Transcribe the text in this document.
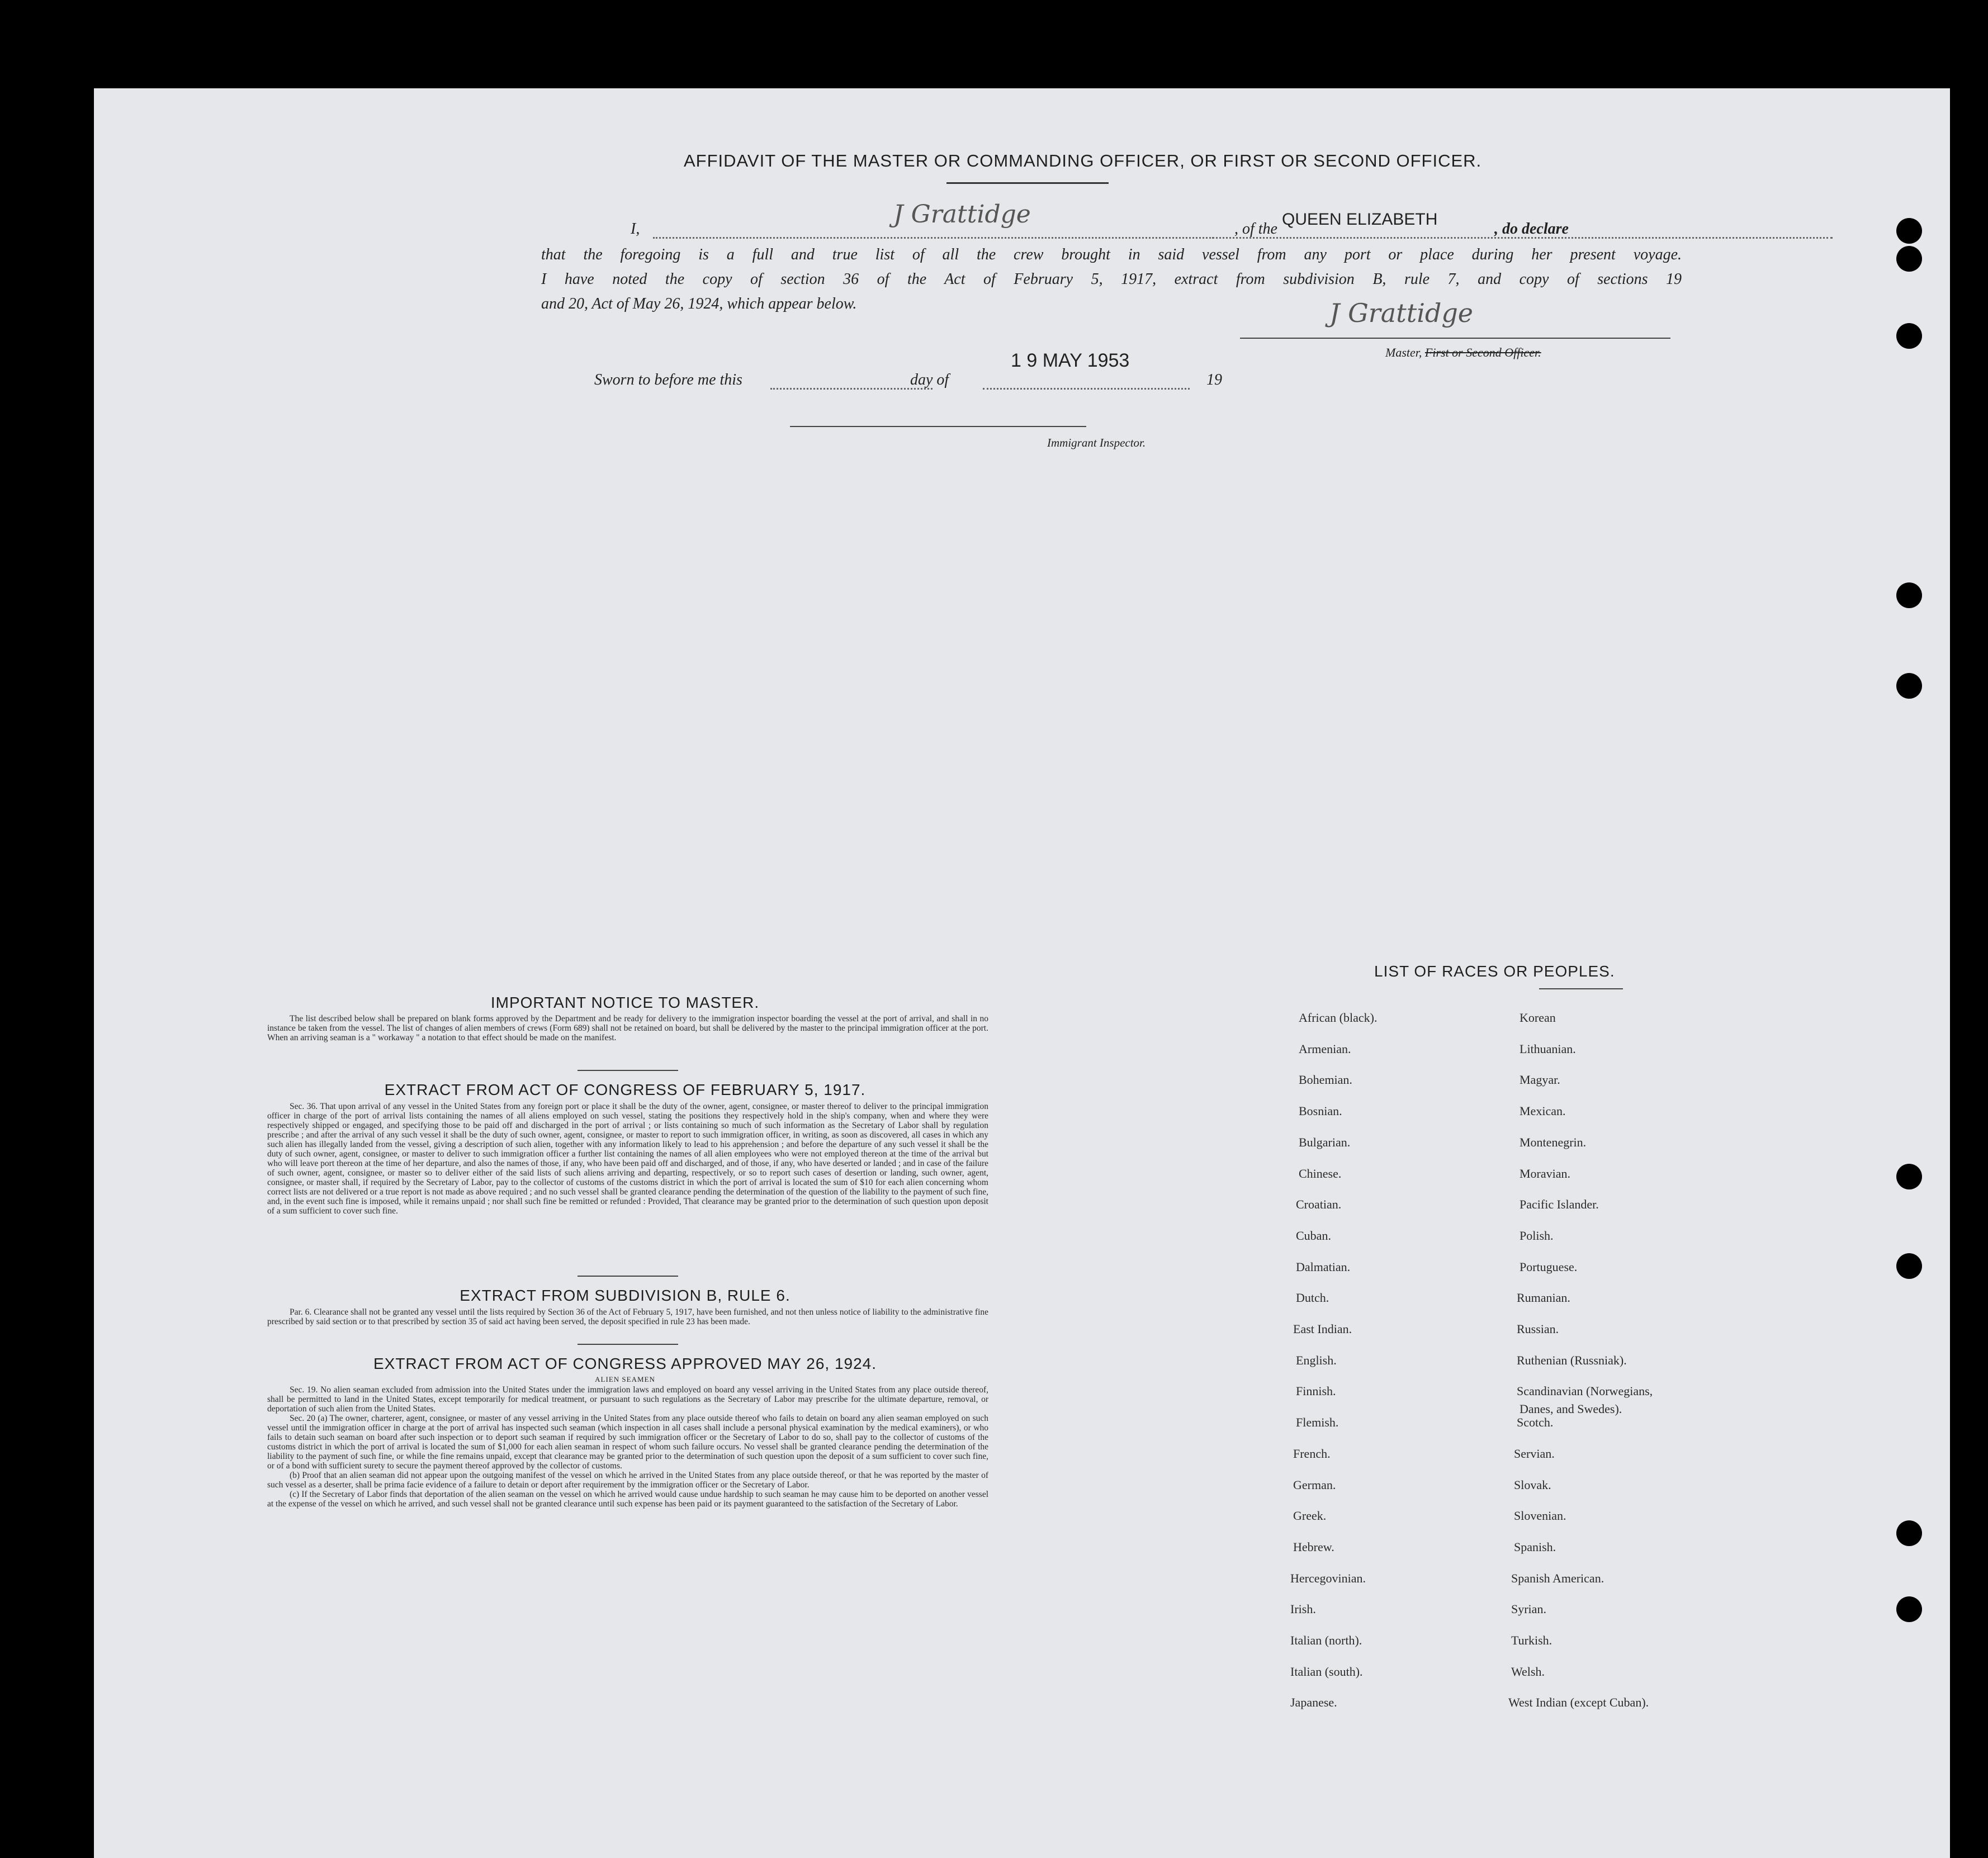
AFFIDAVIT OF THE MASTER OR COMMANDING OFFICER, OR FIRST OR SECOND OFFICER.
I,
J Grattidge
, of the
QUEEN ELIZABETH
, do declare
that the foregoing is a full and true list of all the crew brought in said vessel from any port or place during her present voyage.
I have noted the copy of section 36 of the Act of February 5, 1917, extract from subdivision B, rule 7, and copy of sections 19
and 20, Act of May 26, 1924, which appear below.	J Grattidge
Master, First or Second Officer.
Sworn to before me this	day of
1 9 MAY 1953
19
Immigrant Inspector.
IMPORTANT NOTICE TO MASTER.

The list described below shall be prepared on blank forms approved by the Department and be ready for delivery to the immigration inspector boarding the vessel at the port of arrival, and shall in no instance be taken from the vessel. The list of changes of alien members of crews (Form 689) shall not be retained on board, but shall be delivered by the master to the principal immigration officer at the port. When an arriving seaman is a " workaway " a notation to that effect should be made on the manifest.

EXTRACT FROM ACT OF CONGRESS OF FEBRUARY 5, 1917.

Sec. 36. That upon arrival of any vessel in the United States from any foreign port or place it shall be the duty of the owner, agent, consignee, or master thereof to deliver to the principal immigration officer in charge of the port of arrival lists containing the names of all aliens employed on such vessel, stating the positions they respectively hold in the ship's company, when and where they were respectively shipped or engaged, and specifying those to be paid off and discharged in the port of arrival ; or lists containing so much of such information as the Secretary of Labor shall by regulation prescribe ; and after the arrival of any such vessel it shall be the duty of such owner, agent, consignee, or master to report to such immigration officer, in writing, as soon as discovered, all cases in which any such alien has illegally landed from the vessel, giving a description of such alien, together with any information likely to lead to his apprehension ; and before the departure of any such vessel it shall be the duty of such owner, agent, consignee, or master to deliver to such immigration officer a further list containing the names of all alien employees who were not employed thereon at the time of the arrival but who will leave port thereon at the time of her departure, and also the names of those, if any, who have been paid off and discharged, and of those, if any, who have deserted or landed ; and in case of the failure of such owner, agent, consignee, or master so to deliver either of the said lists of such aliens arriving and departing, respectively, or so to report such cases of desertion or landing, such owner, agent, consignee, or master shall, if required by the Secretary of Labor, pay to the collector of customs of the customs district in which the port of arrival is located the sum of $10 for each alien concerning whom correct lists are not delivered or a true report is not made as above required ; and no such vessel shall be granted clearance pending the determination of the question of the liability to the payment of such fine, and, in the event such fine is imposed, while it remains unpaid ; nor shall such fine be remitted or refunded : Provided, That clearance may be granted prior to the determination of such question upon deposit of a sum sufficient to cover such fine.

EXTRACT FROM SUBDIVISION B, RULE 6.

Par. 6. Clearance shall not be granted any vessel until the lists required by Section 36 of the Act of February 5, 1917, have been furnished, and not then unless notice of liability to the administrative fine prescribed by said section or to that prescribed by section 35 of said act having been served, the deposit specified in rule 23 has been made.

EXTRACT FROM ACT OF CONGRESS APPROVED MAY 26, 1924.
ALIEN SEAMEN

Sec. 19. No alien seaman excluded from admission into the United States under the immigration laws and employed on board any vessel arriving in the United States from any place outside thereof, shall be permitted to land in the United States, except temporarily for medical treatment, or pursuant to such regulations as the Secretary of Labor may prescribe for the ultimate departure, removal, or deportation of such alien from the United States.

Sec. 20 (a) The owner, charterer, agent, consignee, or master of any vessel arriving in the United States from any place outside thereof who fails to detain on board any alien seaman employed on such vessel until the immigration officer in charge at the port of arrival has inspected such seaman (which inspection in all cases shall include a personal physical examination by the medical examiners), or who fails to detain such seaman on board after such inspection or to deport such seaman if required by such immigration officer or the Secretary of Labor to do so, shall pay to the collector of customs of the customs district in which the port of arrival is located the sum of $1,000 for each alien seaman in respect of whom such failure occurs. No vessel shall be granted clearance pending the determination of the liability to the payment of such fine, or while the fine remains unpaid, except that clearance may be granted prior to the determination of such question upon the deposit of a sum sufficient to cover such fine, or of a bond with sufficient surety to secure the payment thereof approved by the collector of customs.

(b) Proof that an alien seaman did not appear upon the outgoing manifest of the vessel on which he arrived in the United States from any place outside thereof, or that he was reported by the master of such vessel as a deserter, shall be prima facie evidence of a failure to detain or deport after requirement by the immigration officer or the Secretary of Labor.

(c) If the Secretary of Labor finds that deportation of the alien seaman on the vessel on which he arrived would cause undue hardship to such seaman he may cause him to be deported on another vessel at the expense of the vessel on which he arrived, and such vessel shall not be granted clearance until such expense has been paid or its payment guaranteed to the satisfaction of the Secretary of Labor.

LIST OF RACES OR PEOPLES.
Danes, and Swedes).
African (black).
Armenian.
Bohemian.
Bosnian.
Bulgarian.
Chinese.
Croatian.
Cuban.
Dalmatian.
Dutch.
East Indian.
English.
Finnish.
Flemish.
French.
German.
Greek.
Hebrew.
Hercegovinian.
Irish.
Italian (north).
Italian (south).
Japanese.
Korean
Lithuanian.
Magyar.
Mexican.
Montenegrin.
Moravian.
Pacific Islander.
Polish.
Portuguese.
Rumanian.
Russian.
Ruthenian (Russniak).
Scandinavian (Norwegians,
Scotch.
Servian.
Slovak.
Slovenian.
Spanish.
Spanish American.
Syrian.
Turkish.
Welsh.
West Indian (except Cuban).
